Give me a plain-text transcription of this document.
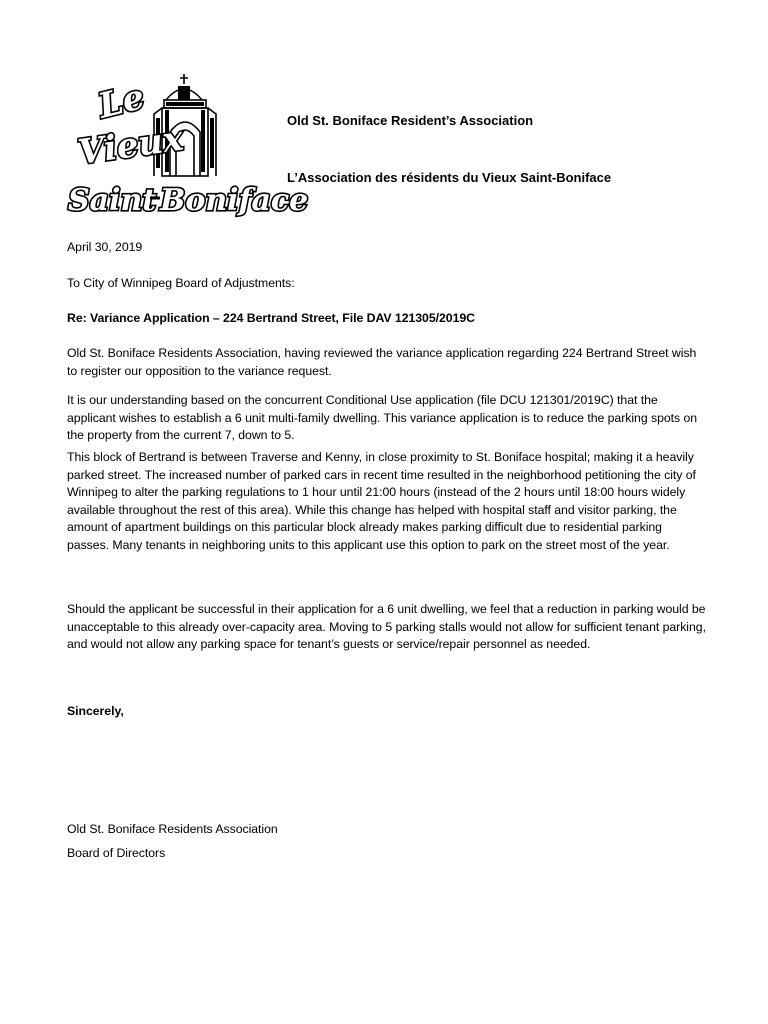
Le
Vieux
Saint Boniface
Old St. Boniface Resident’s Association
L’Association des résidents du Vieux Saint-Boniface
April 30, 2019
To City of Winnipeg Board of Adjustments:
Re: Variance Application – 224 Bertrand Street, File DAV 121305/2019C
Old St. Boniface Residents Association, having reviewed the variance application regarding 224 Bertrand Street wish to register our opposition to the variance request.
It is our understanding based on the concurrent Conditional Use application (file DCU 121301/2019C) that the applicant wishes to establish a 6 unit multi-family dwelling. This variance application is to reduce the parking spots on the property from the current 7, down to 5.
This block of Bertrand is between Traverse and Kenny, in close proximity to St. Boniface hospital; making it a heavily parked street. The increased number of parked cars in recent time resulted in the neighborhood petitioning the city of Winnipeg to alter the parking regulations to 1 hour until 21:00 hours (instead of the 2 hours until 18:00 hours widely available throughout the rest of this area). While this change has helped with hospital staff and visitor parking, the amount of apartment buildings on this particular block already makes parking difficult due to residential parking passes. Many tenants in neighboring units to this applicant use this option to park on the street most of the year.
Should the applicant be successful in their application for a 6 unit dwelling, we feel that a reduction in parking would be unacceptable to this already over-capacity area. Moving to 5 parking stalls would not allow for sufficient tenant parking, and would not allow any parking space for tenant’s guests or service/repair personnel as needed.
Sincerely,
Old St. Boniface Residents Association
Board of Directors
